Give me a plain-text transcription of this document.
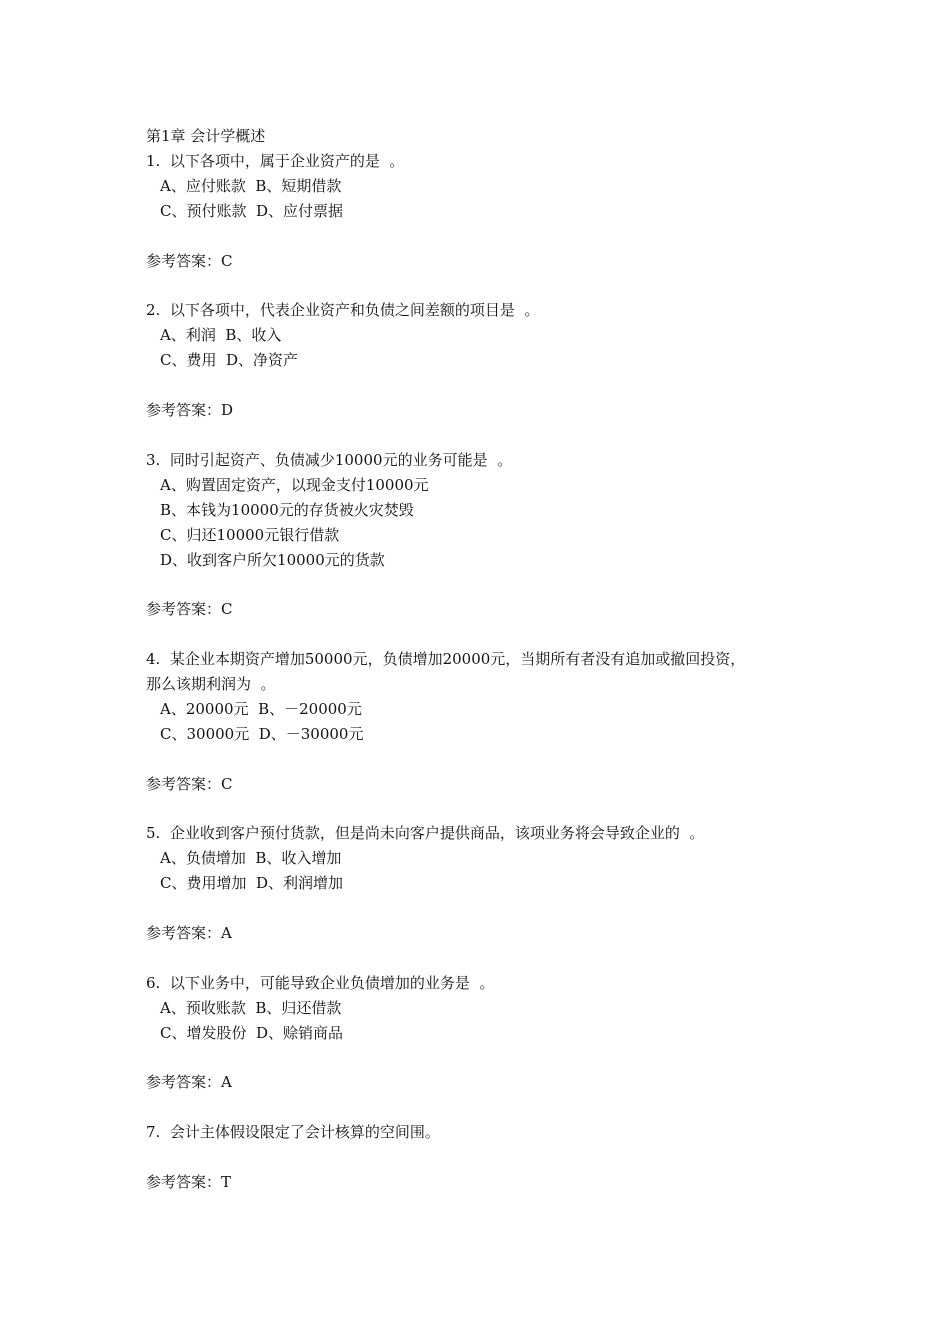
第1章 会计学概述
1.  以下各项中，属于企业资产的是  。
A、应付账款  B、短期借款
C、预付账款  D、应付票据
参考答案：C
2.  以下各项中，代表企业资产和负债之间差额的项目是  。
A、利润  B、收入
C、费用  D、净资产
参考答案：D
3.  同时引起资产、负债减少10000元的业务可能是  。
A、购置固定资产，以现金支付10000元
B、本钱为10000元的存货被火灾焚毁
C、归还10000元银行借款
D、收到客户所欠10000元的货款
参考答案：C
4.  某企业本期资产增加50000元，负债增加20000元，当期所有者没有追加或撤回投资，
那么该期利润为  。
A、20000元  B、－20000元
C、30000元  D、－30000元
参考答案：C
5.  企业收到客户预付货款，但是尚未向客户提供商品，该项业务将会导致企业的  。
A、负债增加  B、收入增加
C、费用增加  D、利润增加
参考答案：A
6.  以下业务中，可能导致企业负债增加的业务是  。
A、预收账款  B、归还借款
C、增发股份  D、赊销商品
参考答案：A
7.  会计主体假设限定了会计核算的空间围。
参考答案：T
